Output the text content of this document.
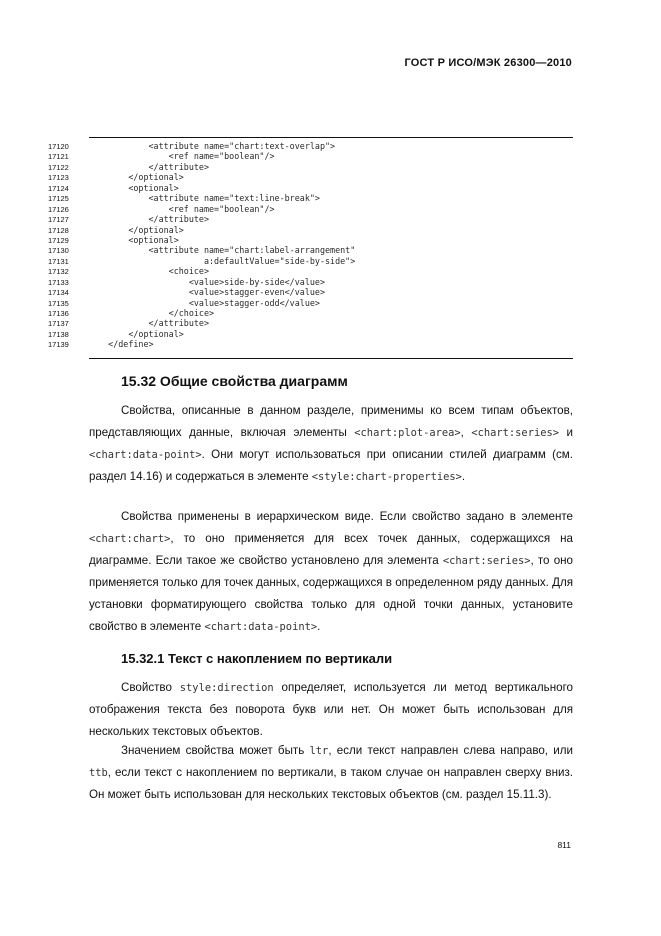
ГОСТ Р ИСО/МЭК 26300—2010
17120            <attribute name="chart:text-overlap">
17121                <ref name="boolean"/>
17122            </attribute>
17123        </optional>
17124        <optional>
17125            <attribute name="text:line-break">
17126                <ref name="boolean"/>
17127            </attribute>
17128        </optional>
17129        <optional>
17130            <attribute name="chart:label-arrangement"
17131                       a:defaultValue="side-by-side">
17132                <choice>
17133                    <value>side-by-side</value>
17134                    <value>stagger-even</value>
17135                    <value>stagger-odd</value>
17136                </choice>
17137            </attribute>
17138        </optional>
17139    </define>
15.32 Общие свойства диаграмм

Свойства, описанные в данном разделе, применимы ко всем типам объектов, представляющих данные, включая элементы <chart:plot-area>, <chart:series> и <chart:data-point>. Они могут использоваться при описании стилей диаграмм (см. раздел 14.16) и содержаться в элементе <style:chart-properties>.

Свойства применены в иерархическом виде. Если свойство задано в элементе <chart:chart>, то оно применяется для всех точек данных, содержащихся на диаграмме. Если такое же свойство установлено для элемента <chart:series>, то оно применяется только для точек данных, содержащихся в определенном ряду данных. Для установки форматирующего свойства только для одной точки данных, установите свойство в элементе <chart:data-point>.

15.32.1 Текст с накоплением по вертикали

Свойство style:direction определяет, используется ли метод вертикального отображения текста без поворота букв или нет. Он может быть использован для нескольких текстовых объектов.

Значением свойства может быть ltr, если текст направлен слева направо, или ttb, если текст с накоплением по вертикали, в таком случае он направлен сверху вниз. Он может быть использован для нескольких текстовых объектов (см. раздел 15.11.3).

811
